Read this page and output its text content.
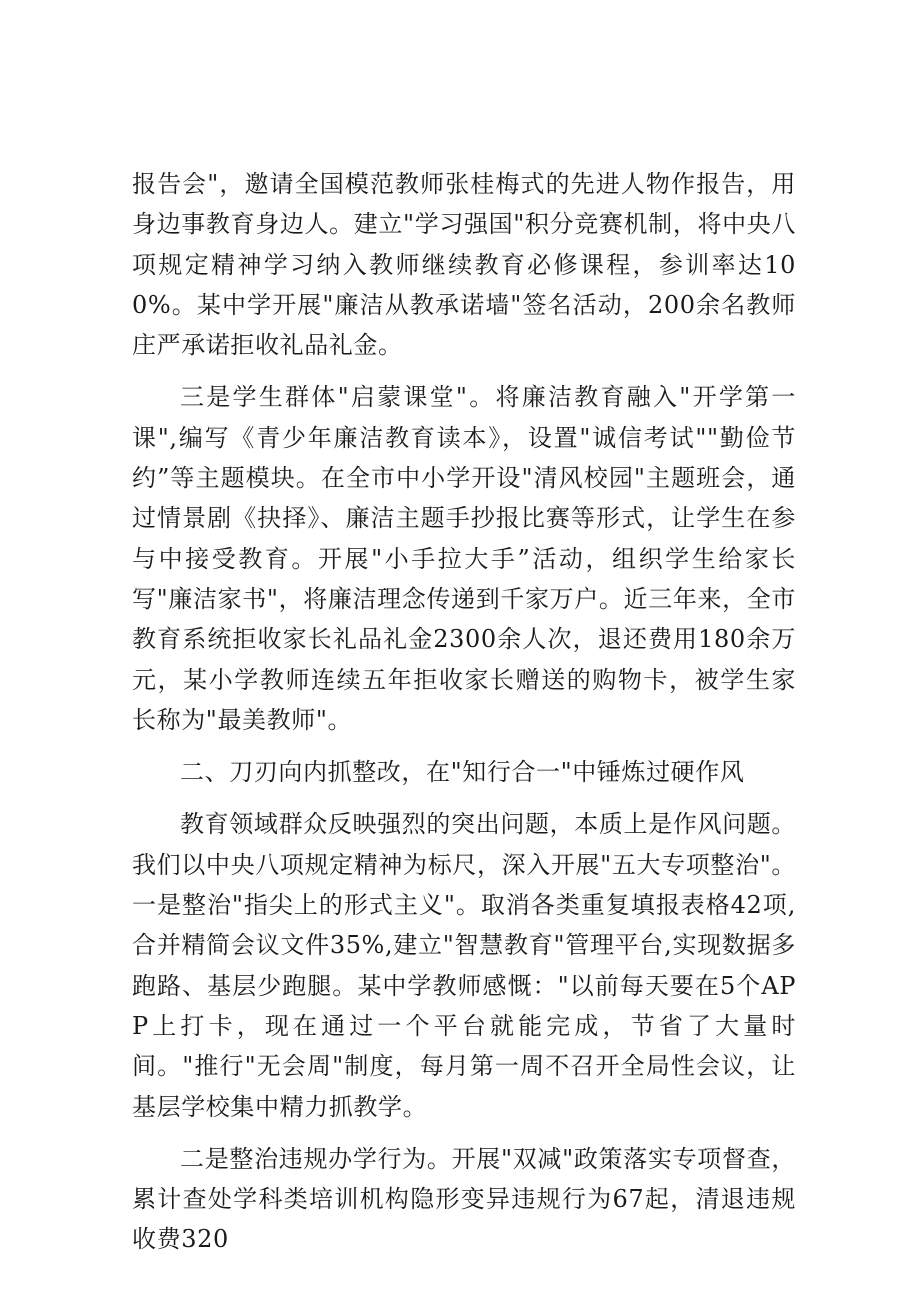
报告会"，邀请全国模范教师张桂梅式的先进人物作报告，用身边事教育身边人。建立"学习强国"积分竞赛机制，将中央八项规定精神学习纳入教师继续教育必修课程，参训率达100%。某中学开展"廉洁从教承诺墙"签名活动，200余名教师庄严承诺拒收礼品礼金。

三是学生群体"启蒙课堂"。将廉洁教育融入"开学第一课",编写《青少年廉洁教育读本》，设置"诚信考试""勤俭节约”等主题模块。在全市中小学开设"清风校园"主题班会，通过情景剧《抉择》、廉洁主题手抄报比赛等形式，让学生在参与中接受教育。开展"小手拉大手”活动，组织学生给家长写"廉洁家书"，将廉洁理念传递到千家万户。近三年来，全市教育系统拒收家长礼品礼金2300余人次，退还费用180余万元，某小学教师连续五年拒收家长赠送的购物卡，被学生家长称为"最美教师"。

二、刀刃向内抓整改，在"知行合一"中锤炼过硬作风

教育领域群众反映强烈的突出问题，本质上是作风问题。我们以中央八项规定精神为标尺，深入开展"五大专项整治"。一是整治"指尖上的形式主义"。取消各类重复填报表格42项,合并精简会议文件35%,建立"智慧教育"管理平台,实现数据多跑路、基层少跑腿。某中学教师感慨："以前每天要在5个APP上打卡，现在通过一个平台就能完成，节省了大量时间。"推行"无会周"制度，每月第一周不召开全局性会议，让基层学校集中精力抓教学。

二是整治违规办学行为。开展"双减"政策落实专项督查，累计查处学科类培训机构隐形变异违规行为67起，清退违规收费320
